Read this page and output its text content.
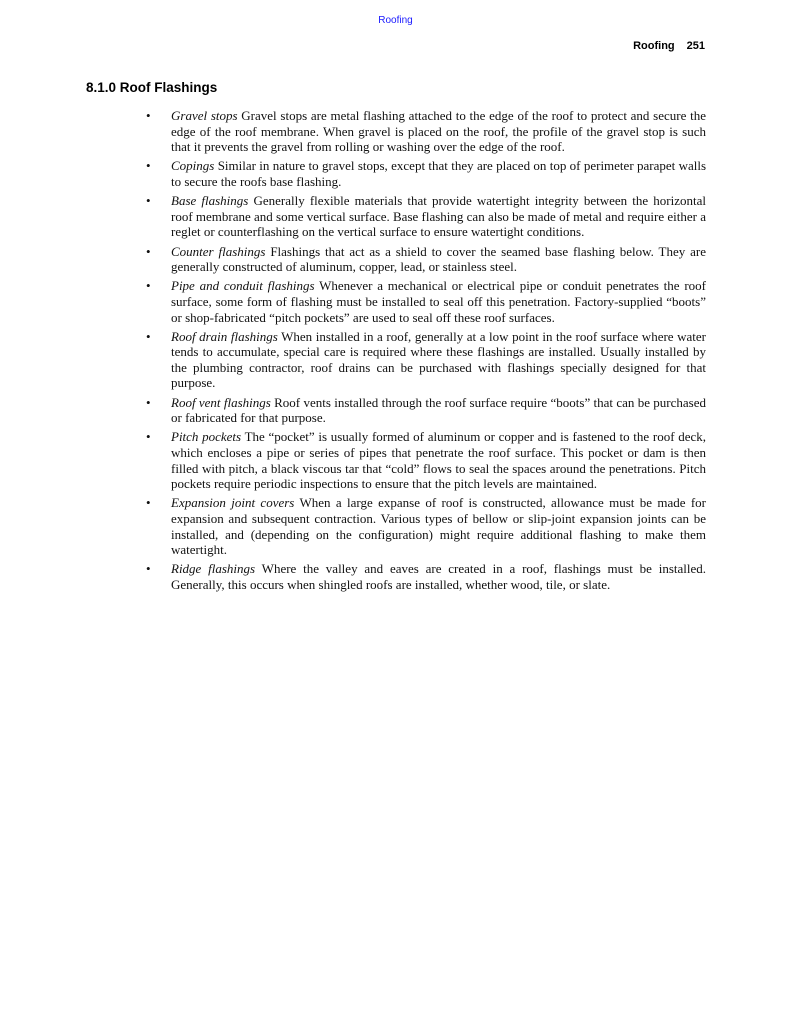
Roofing
Roofing 251
8.1.0 Roof Flashings
• Gravel stops Gravel stops are metal flashing attached to the edge of the roof to protect and secure the edge of the roof membrane. When gravel is placed on the roof, the profile of the gravel stop is such that it prevents the gravel from rolling or washing over the edge of the roof.
• Copings Similar in nature to gravel stops, except that they are placed on top of perimeter parapet walls to secure the roofs base flashing.
• Base flashings Generally flexible materials that provide watertight integrity between the horizontal roof membrane and some vertical surface. Base flashing can also be made of metal and require either a reglet or counterflashing on the vertical surface to ensure watertight conditions.
• Counter flashings Flashings that act as a shield to cover the seamed base flashing below. They are generally constructed of aluminum, copper, lead, or stainless steel.
• Pipe and conduit flashings Whenever a mechanical or electrical pipe or conduit penetrates the roof surface, some form of flashing must be installed to seal off this penetration. Factory-supplied “boots” or shop-fabricated “pitch pockets” are used to seal off these roof surfaces.
• Roof drain flashings When installed in a roof, generally at a low point in the roof surface where water tends to accumulate, special care is required where these flashings are installed. Usually installed by the plumbing contractor, roof drains can be purchased with flashings specially designed for that purpose.
• Roof vent flashings Roof vents installed through the roof surface require “boots” that can be purchased or fabricated for that purpose.
• Pitch pockets The “pocket” is usually formed of aluminum or copper and is fastened to the roof deck, which encloses a pipe or series of pipes that penetrate the roof surface. This pocket or dam is then filled with pitch, a black viscous tar that “cold” flows to seal the spaces around the penetrations. Pitch pockets require periodic inspections to ensure that the pitch levels are maintained.
• Expansion joint covers When a large expanse of roof is constructed, allowance must be made for expansion and subsequent contraction. Various types of bellow or slip-joint expansion joints can be installed, and (depending on the configuration) might require additional flashing to make them watertight.
• Ridge flashings Where the valley and eaves are created in a roof, flashings must be installed. Generally, this occurs when shingled roofs are installed, whether wood, tile, or slate.
